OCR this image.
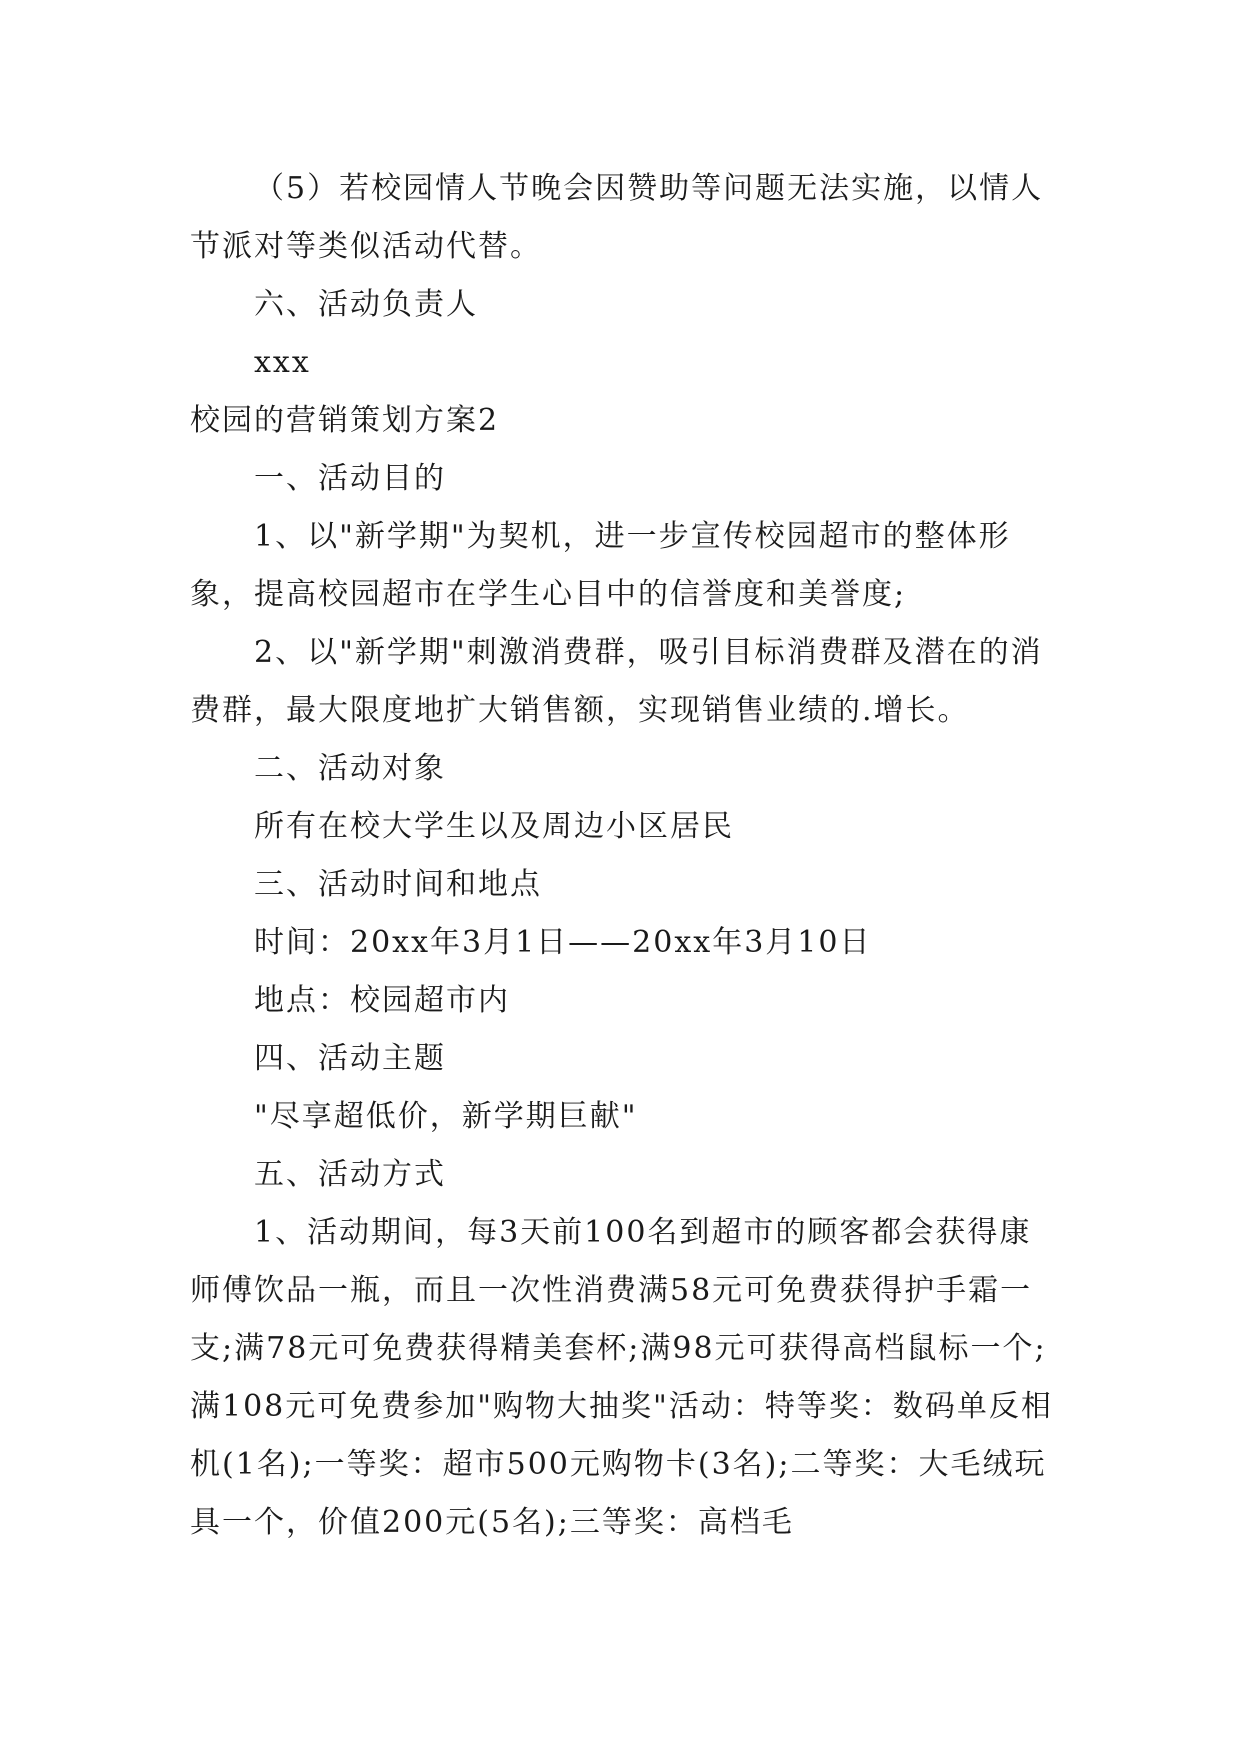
（5）若校园情人节晚会因赞助等问题无法实施，以情人节派对等类似活动代替。

六、活动负责人

xxx

校园的营销策划方案2

一、活动目的

1、以"新学期"为契机，进一步宣传校园超市的整体形象，提高校园超市在学生心目中的信誉度和美誉度;

2、以"新学期"刺激消费群，吸引目标消费群及潜在的消费群，最大限度地扩大销售额，实现销售业绩的.增长。

二、活动对象

所有在校大学生以及周边小区居民

三、活动时间和地点

时间：20xx年3月1日——20xx年3月10日

地点：校园超市内

四、活动主题

"尽享超低价，新学期巨献"

五、活动方式

1、活动期间，每3天前100名到超市的顾客都会获得康师傅饮品一瓶，而且一次性消费满58元可免费获得护手霜一支;满78元可免费获得精美套杯;满98元可获得高档鼠标一个;满108元可免费参加"购物大抽奖"活动：特等奖：数码单反相机(1名);一等奖：超市500元购物卡(3名);二等奖：大毛绒玩具一个，价值200元(5名);三等奖：高档毛
